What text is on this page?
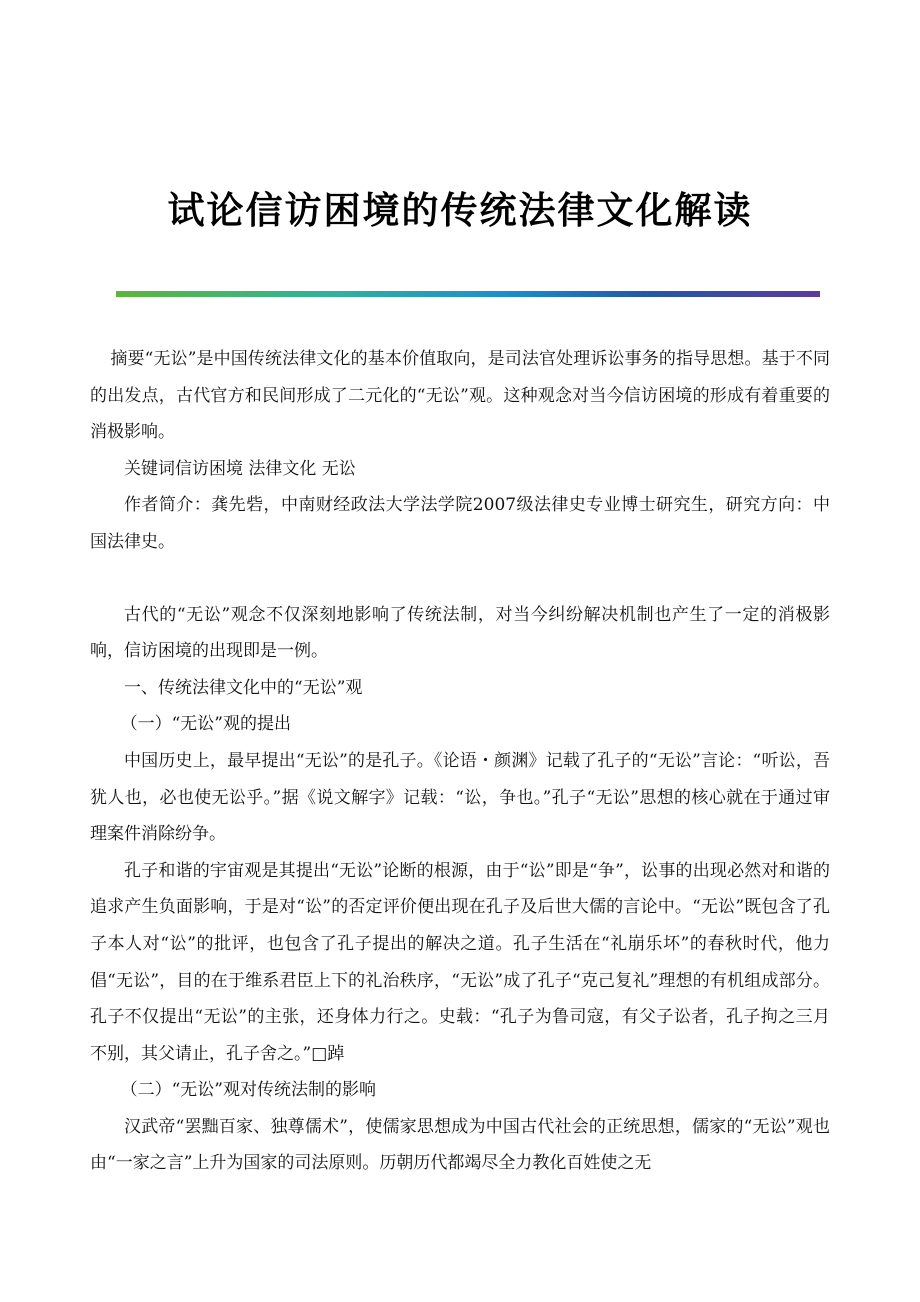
试论信访困境的传统法律文化解读

摘要“无讼”是中国传统法律文化的基本价值取向，是司法官处理诉讼事务的指导思想。基于不同的出发点，古代官方和民间形成了二元化的“无讼”观。这种观念对当今信访困境的形成有着重要的消极影响。

关键词信访困境 法律文化 无讼

作者简介：龚先砦，中南财经政法大学法学院2007级法律史专业博士研究生，研究方向：中国法律史。

古代的“无讼”观念不仅深刻地影响了传统法制，对当今纠纷解决机制也产生了一定的消极影响，信访困境的出现即是一例。

一、传统法律文化中的“无讼”观

（一）“无讼”观的提出

中国历史上，最早提出“无讼”的是孔子。《论语・颜渊》记载了孔子的“无讼”言论：“听讼，吾犹人也，必也使无讼乎。”据《说文解字》记载：“讼，争也。”孔子“无讼”思想的核心就在于通过审理案件消除纷争。

孔子和谐的宇宙观是其提出“无讼”论断的根源，由于“讼”即是“争”，讼事的出现必然对和谐的追求产生负面影响，于是对“讼”的否定评价便出现在孔子及后世大儒的言论中。“无讼”既包含了孔子本人对“讼”的批评，也包含了孔子提出的解决之道。孔子生活在“礼崩乐坏”的春秋时代，他力倡“无讼”，目的在于维系君臣上下的礼治秩序，“无讼”成了孔子“克己复礼”理想的有机组成部分。孔子不仅提出“无讼”的主张，还身体力行之。史载：“孔子为鲁司寇，有父子讼者，孔子拘之三月不别，其父请止，孔子舍之。”□踔

（二）“无讼”观对传统法制的影响

汉武帝“罢黜百家、独尊儒术”，使儒家思想成为中国古代社会的正统思想，儒家的“无讼”观也由“一家之言”上升为国家的司法原则。历朝历代都竭尽全力教化百姓使之无
